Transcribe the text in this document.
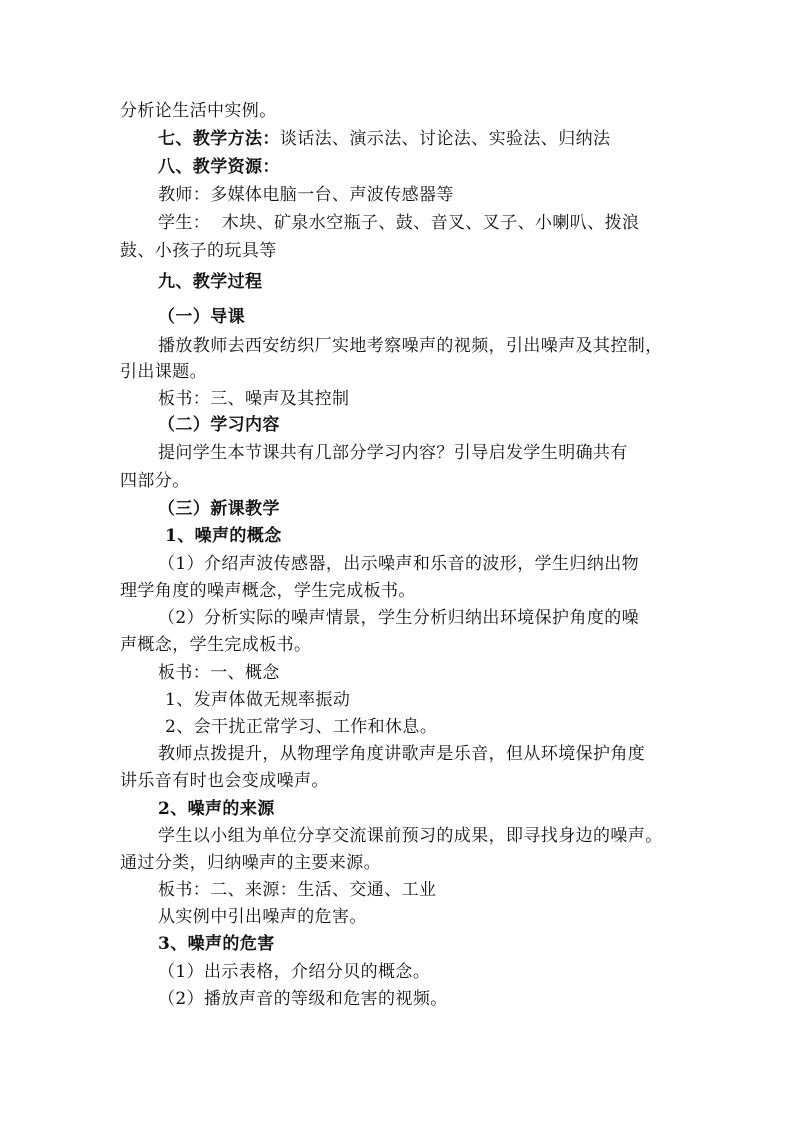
分析论生活中实例。
七、教学方法：谈话法、演示法、讨论法、实验法、归纳法
八、教学资源：
教师：多媒体电脑一台、声波传感器等
学生：  木块、矿泉水空瓶子、鼓、音叉、叉子、小喇叭、拨浪
鼓、小孩子的玩具等
九、教学过程
（一）导课
播放教师去西安纺织厂实地考察噪声的视频，引出噪声及其控制，
引出课题。
板书：三、噪声及其控制
（二）学习内容
提问学生本节课共有几部分学习内容？引导启发学生明确共有
四部分。
（三）新课教学
1、噪声的概念
（1）介绍声波传感器，出示噪声和乐音的波形，学生归纳出物
理学角度的噪声概念，学生完成板书。
（2）分析实际的噪声情景，学生分析归纳出环境保护角度的噪
声概念，学生完成板书。
板书：一、概念
1、发声体做无规率振动
2、会干扰正常学习、工作和休息。
教师点拨提升，从物理学角度讲歌声是乐音，但从环境保护角度
讲乐音有时也会变成噪声。
2、噪声的来源
学生以小组为单位分享交流课前预习的成果，即寻找身边的噪声。
通过分类，归纳噪声的主要来源。
板书：二、来源：生活、交通、工业
从实例中引出噪声的危害。
3、噪声的危害
（1）出示表格，介绍分贝的概念。
（2）播放声音的等级和危害的视频。
